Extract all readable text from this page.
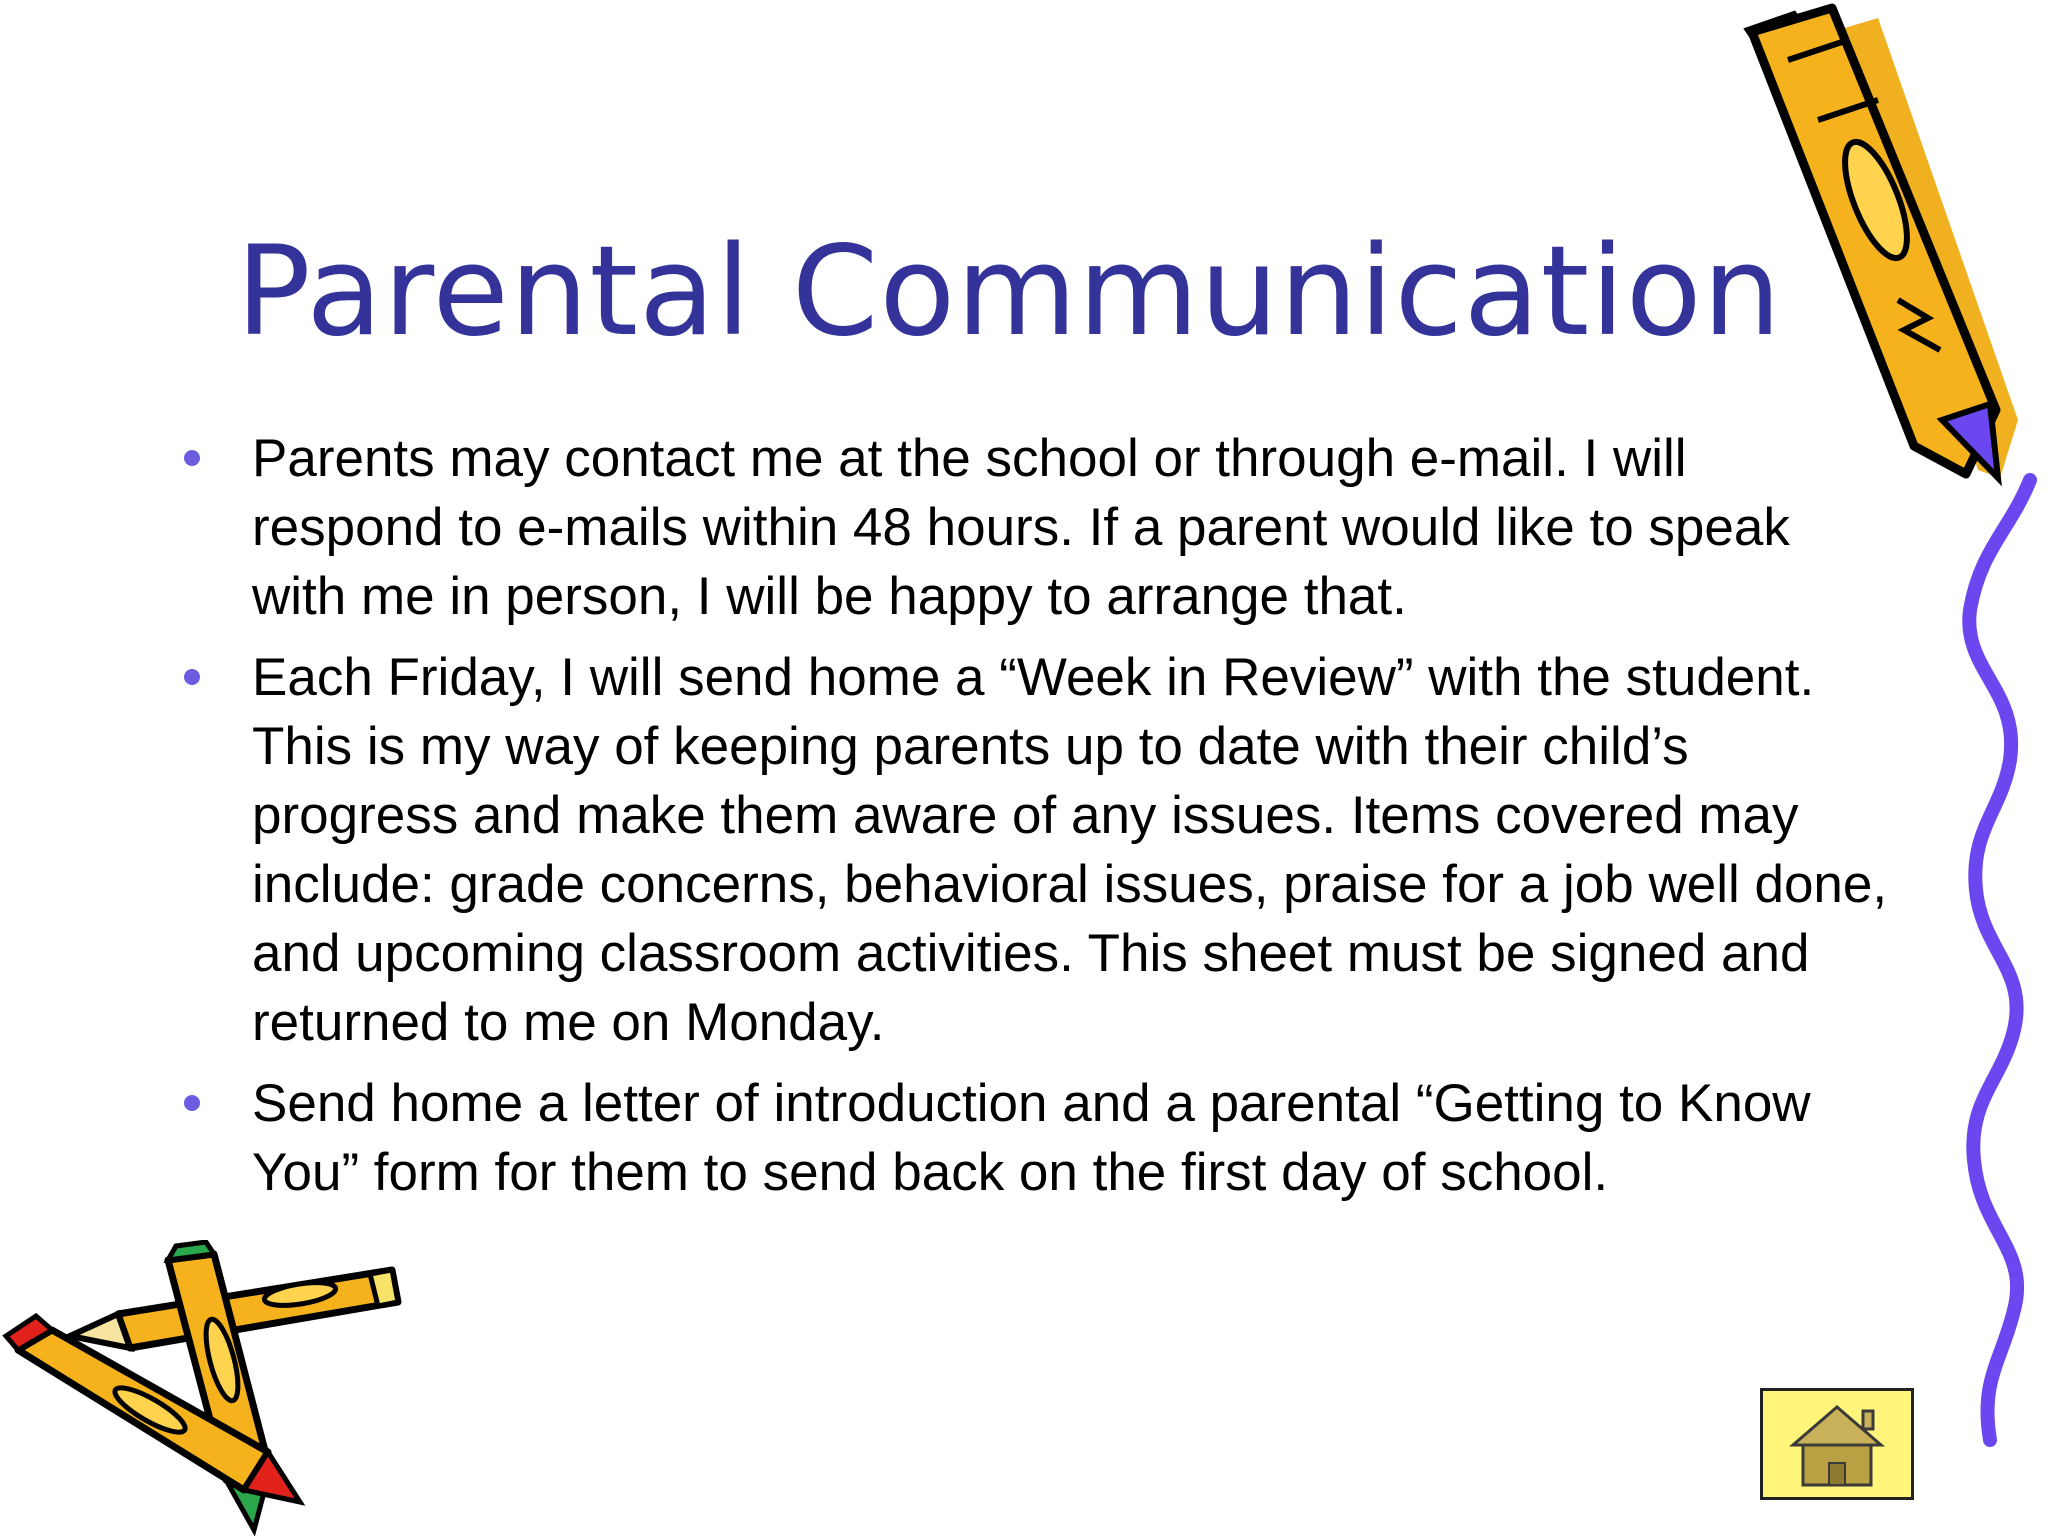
Parental Communication
Parents may contact me at the school or through e-mail. I will respond to e-mails within 48 hours. If a parent would like to speak with me in person, I will be happy to arrange that.
Each Friday, I will send home a “Week in Review” with the student. This is my way of keeping parents up to date with their child’s progress and make them aware of any issues. Items covered may include: grade concerns, behavioral issues, praise for a job well done, and upcoming classroom activities. This sheet must be signed and returned to me on Monday.
Send home a letter of introduction and a parental “Getting to Know You” form for them to send back on the first day of school.
